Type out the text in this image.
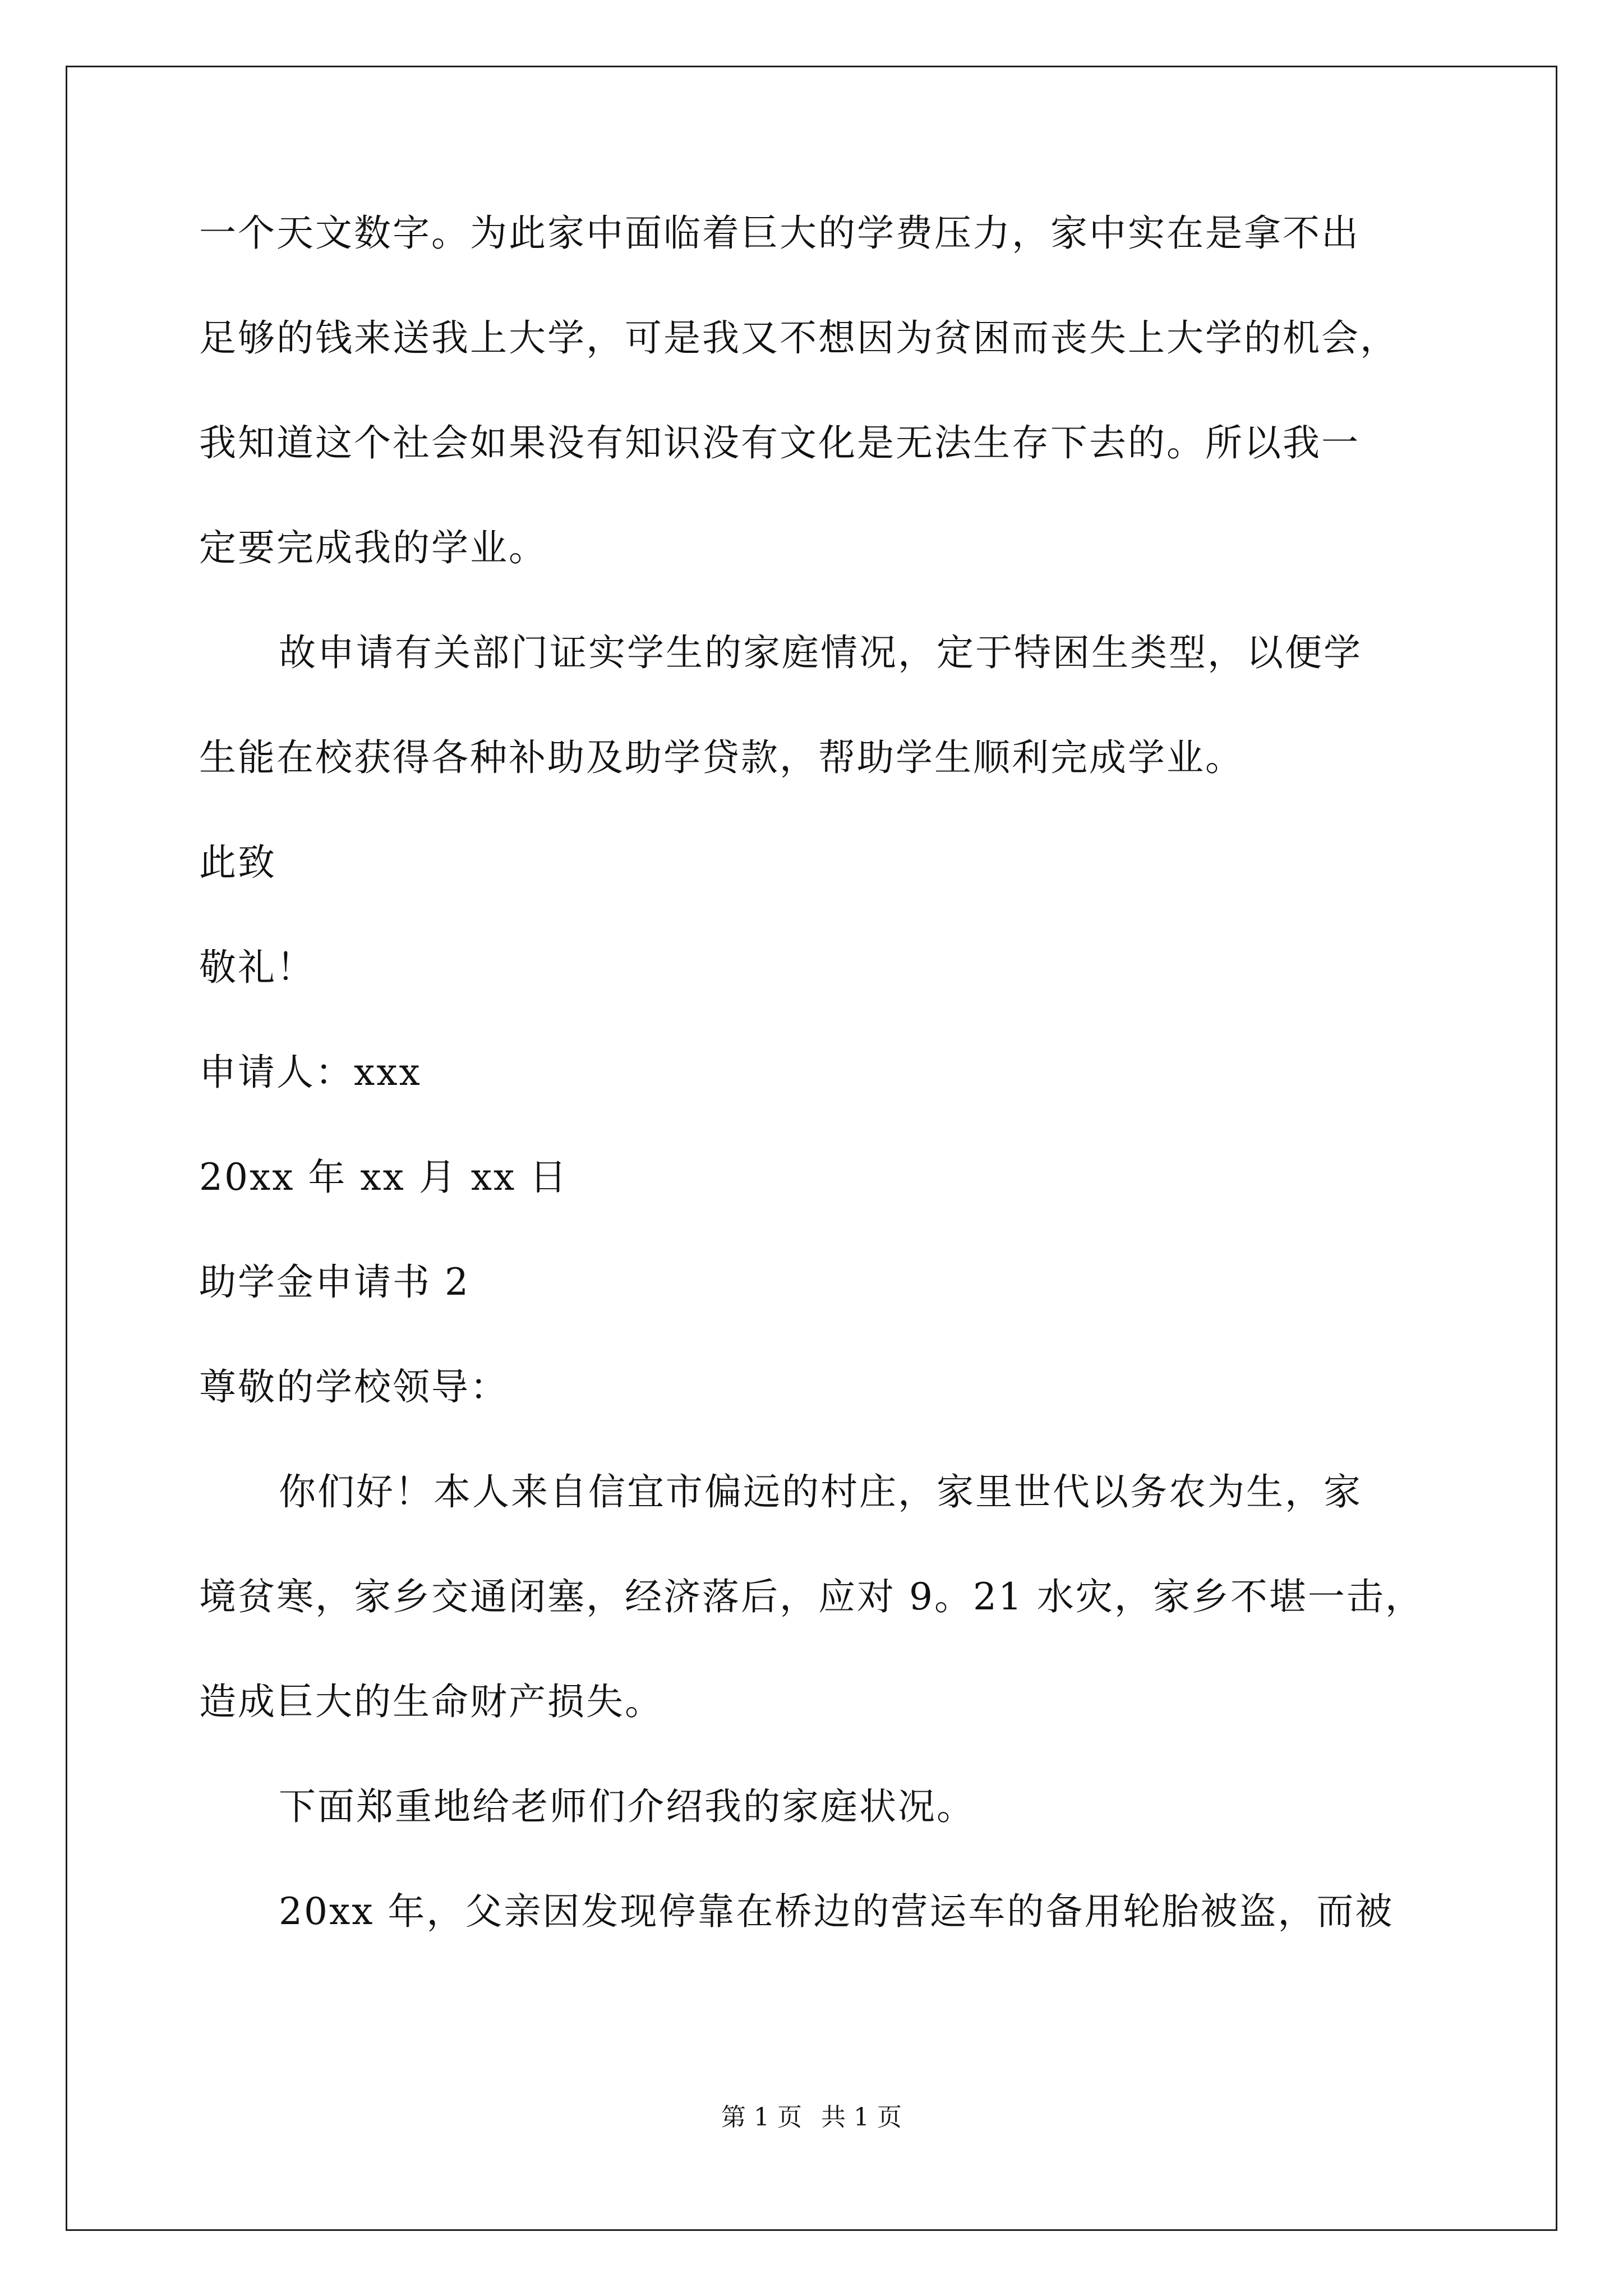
一个天文数字。为此家中面临着巨大的学费压力，家中实在是拿不出
足够的钱来送我上大学，可是我又不想因为贫困而丧失上大学的机会，
我知道这个社会如果没有知识没有文化是无法生存下去的。所以我一
定要完成我的学业。
故申请有关部门证实学生的家庭情况，定于特困生类型，以便学
生能在校获得各种补助及助学贷款，帮助学生顺利完成学业。
此致
敬礼！
申请人：xxx
20xx 年 xx 月 xx 日
助学金申请书 2
尊敬的学校领导：
你们好！本人来自信宜市偏远的村庄，家里世代以务农为生，家
境贫寒，家乡交通闭塞，经济落后，应对 9。21 水灾，家乡不堪一击，
造成巨大的生命财产损失。
下面郑重地给老师们介绍我的家庭状况。
20xx 年，父亲因发现停靠在桥边的营运车的备用轮胎被盗，而被
第 1 页 共 1 页
